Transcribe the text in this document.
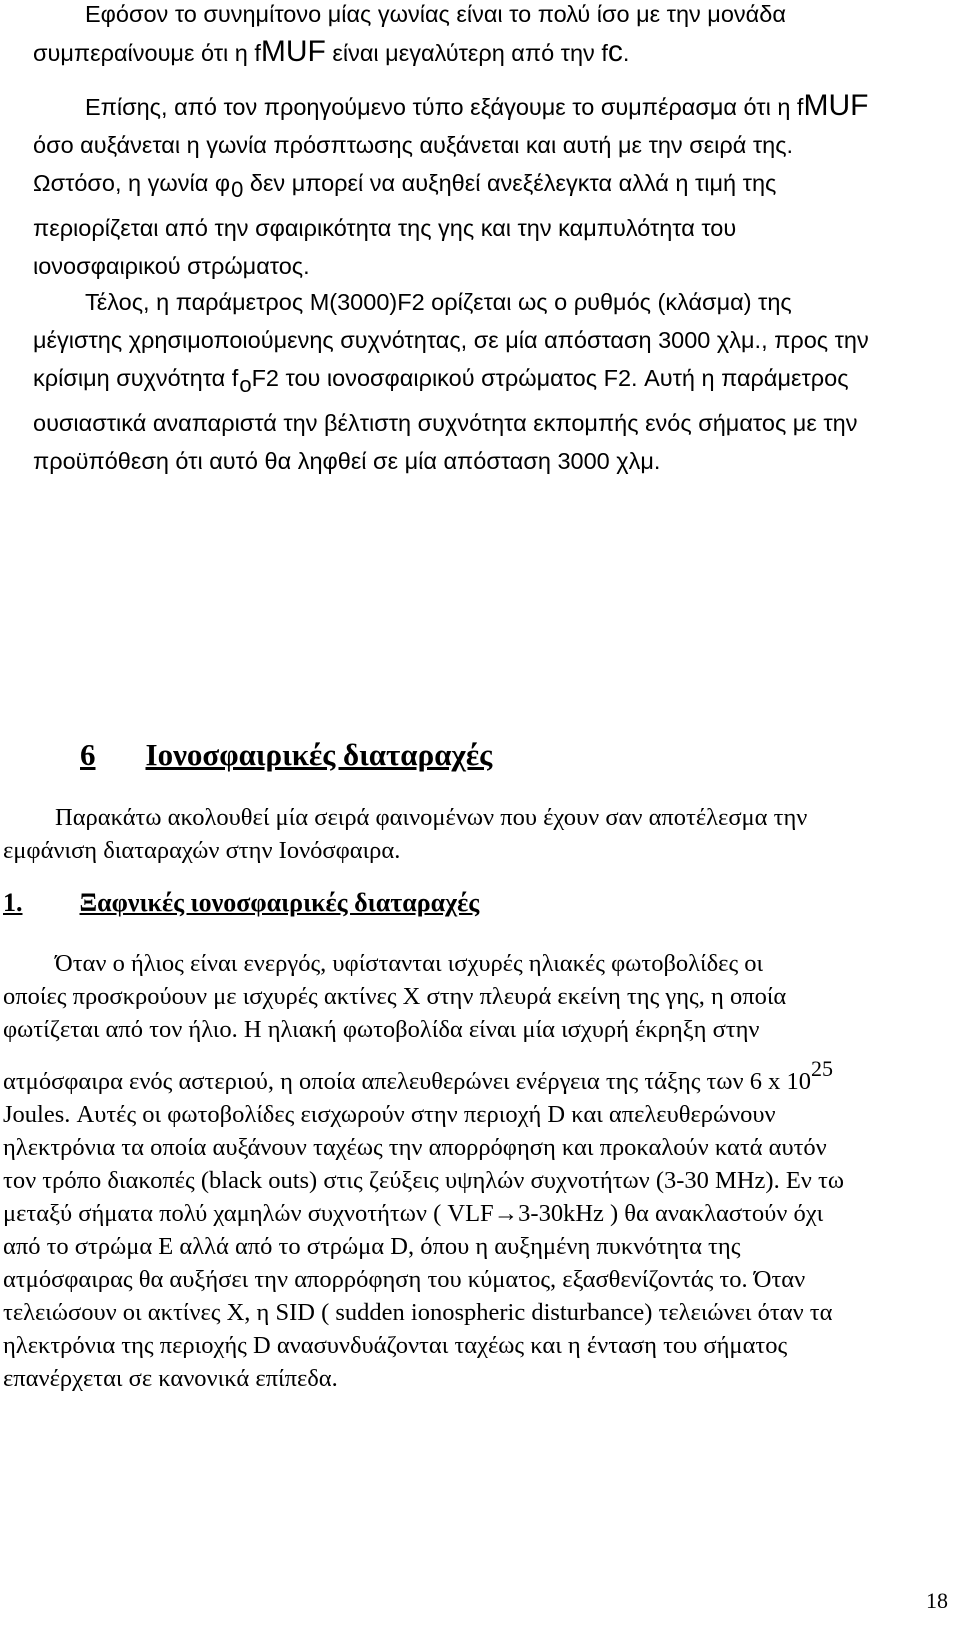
Εφόσον το συνημίτονο μίας γωνίας είναι το πολύ ίσο με την μονάδα
συμπεραίνουμε ότι η fMUF είναι μεγαλύτερη από την fc.
Επίσης, από τον προηγούμενο τύπο εξάγουμε το συμπέρασμα ότι η fMUF
όσο αυξάνεται η γωνία πρόσπτωσης αυξάνεται και αυτή με την σειρά της.
Ωστόσο, η γωνία φ0 δεν μπορεί να αυξηθεί ανεξέλεγκτα αλλά η τιμή της
περιορίζεται από την σφαιρικότητα της γης και την καμπυλότητα του
ιονοσφαιρικού στρώματος.
Τέλος, η παράμετρος M(3000)F2 ορίζεται ως ο ρυθμός (κλάσμα) της
μέγιστης χρησιμοποιούμενης συχνότητας, σε μία απόσταση 3000 χλμ., προς την
κρίσιμη συχνότητα foF2 του ιονοσφαιρικού στρώματος F2. Αυτή η παράμετρος
ουσιαστικά αναπαριστά την βέλτιστη συχνότητα εκπομπής ενός σήματος με την
προϋπόθεση ότι αυτό θα ληφθεί σε μία απόσταση 3000 χλμ.
6 Ιονοσφαιρικές διαταραχές
Παρακάτω ακολουθεί μία σειρά φαινομένων που έχουν σαν αποτέλεσμα την
εμφάνιση διαταραχών στην Ιονόσφαιρα.
1. Ξαφνικές ιονοσφαιρικές διαταραχές
Όταν ο ήλιος είναι ενεργός, υφίστανται ισχυρές ηλιακές φωτοβολίδες οι
οποίες προσκρούουν με ισχυρές ακτίνες X στην πλευρά εκείνη της γης, η οποία
φωτίζεται από τον ήλιο. Η ηλιακή φωτοβολίδα είναι μία ισχυρή έκρηξη στην
ατμόσφαιρα ενός αστεριού, η οποία απελευθερώνει ενέργεια της τάξης των 6 x 1025
Joules. Αυτές οι φωτοβολίδες εισχωρούν στην περιοχή D και απελευθερώνουν
ηλεκτρόνια τα οποία αυξάνουν ταχέως την απορρόφηση και προκαλούν κατά αυτόν
τον τρόπο διακοπές (black outs) στις ζεύξεις υψηλών συχνοτήτων (3-30 MHz). Εν τω
μεταξύ σήματα πολύ χαμηλών συχνοτήτων ( VLF→3-30kHz ) θα ανακλαστούν όχι
από το στρώμα E αλλά από το στρώμα D, όπου η αυξημένη πυκνότητα της
ατμόσφαιρας θα αυξήσει την απορρόφηση του κύματος, εξασθενίζοντάς το. Όταν
τελειώσουν οι ακτίνες X, η SID ( sudden ionospheric disturbance) τελειώνει όταν τα
ηλεκτρόνια της περιοχής D ανασυνδυάζονται ταχέως και η ένταση του σήματος
επανέρχεται σε κανονικά επίπεδα.
18
